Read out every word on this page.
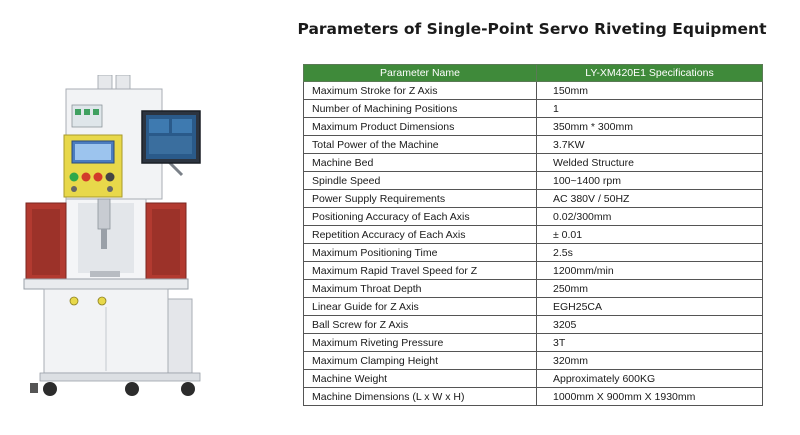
Parameters of Single-Point Servo Riveting Equipment
Parameter Name	LY-XM420E1 Specifications
Maximum Stroke for Z Axis	150mm
Number of Machining Positions	1
Maximum Product Dimensions	350mm * 300mm
Total Power of the Machine	3.7KW
Machine Bed	Welded Structure
Spindle Speed	100~1400 rpm
Power Supply Requirements	AC 380V / 50HZ
Positioning Accuracy of Each Axis	0.02/300mm
Repetition Accuracy of Each Axis	± 0.01
Maximum Positioning Time	2.5s
Maximum Rapid Travel Speed for Z	1200mm/min
Maximum Throat Depth	250mm
Linear Guide for Z Axis	EGH25CA
Ball Screw for Z Axis	3205
Maximum Riveting Pressure	3T
Maximum Clamping Height	320mm
Machine Weight	Approximately 600KG
Machine Dimensions (L x W x H)	1000mm X 900mm X 1930mm
